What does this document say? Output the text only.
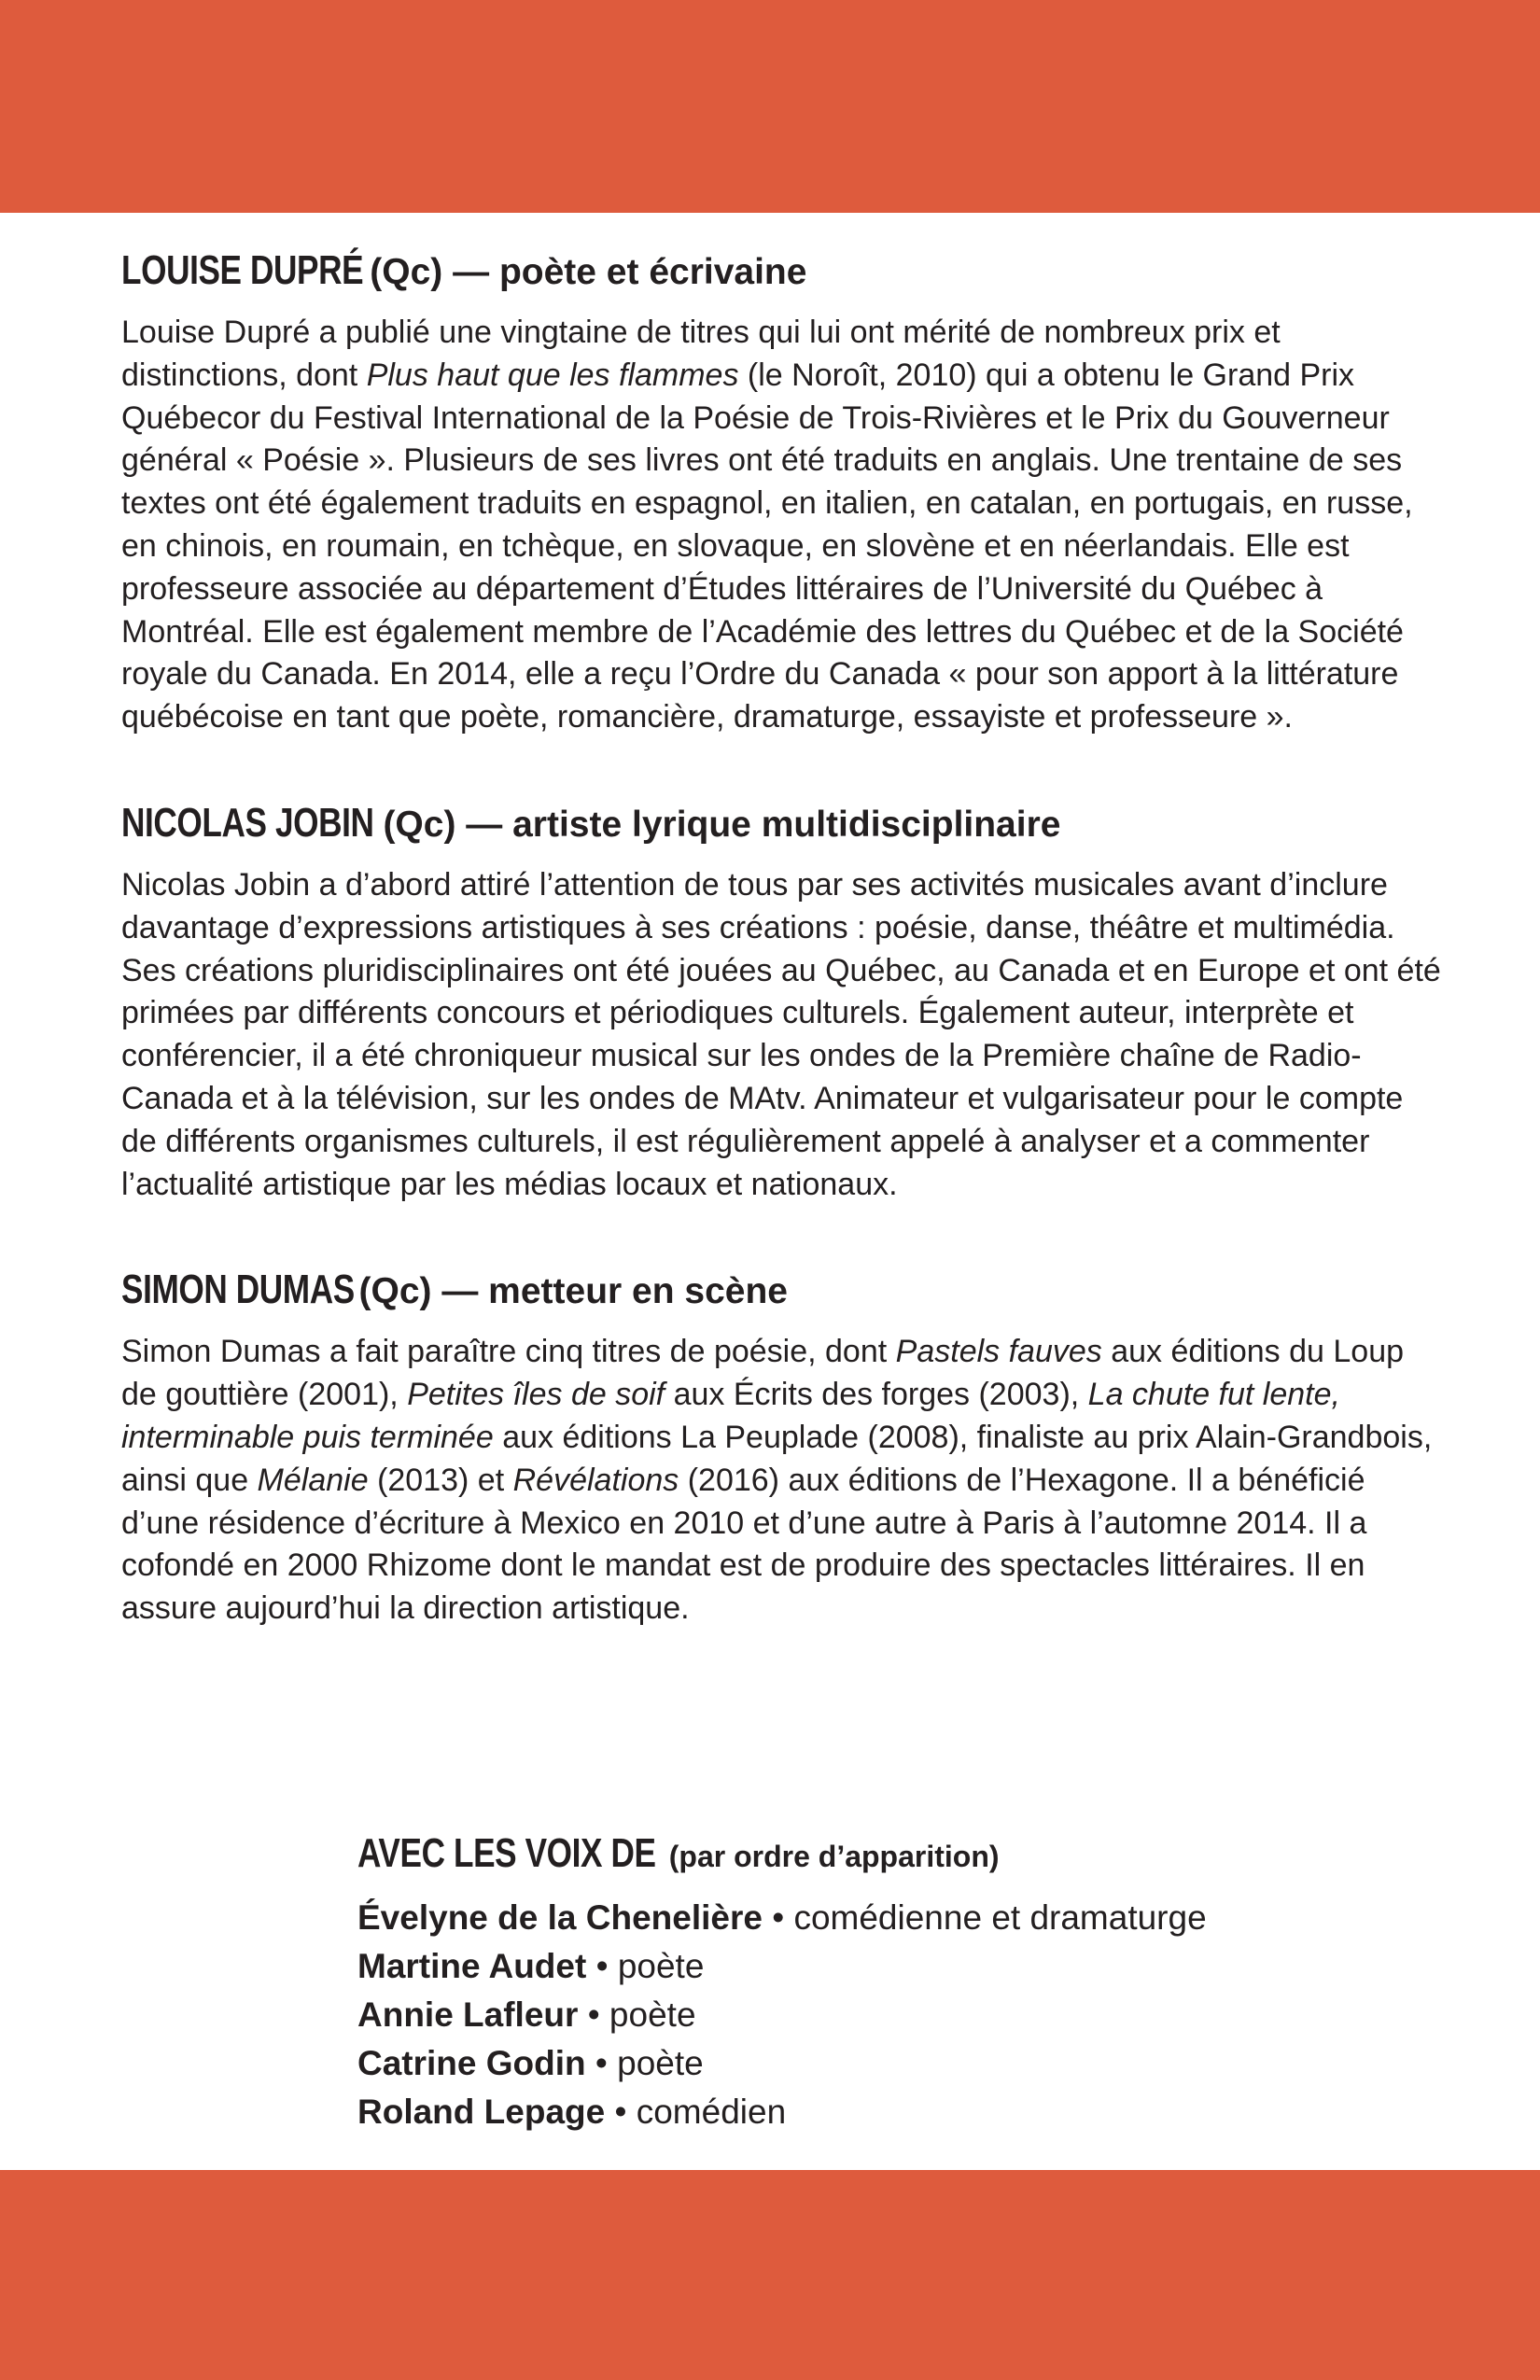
LOUISE DUPRÉ (Qc) — poète et écrivaine

Louise Dupré a publié une vingtaine de titres qui lui ont mérité de nombreux prix et distinctions, dont Plus haut que les flammes (le Noroît, 2010) qui a obtenu le Grand Prix Québecor du Festival International de la Poésie de Trois-Rivières et le Prix du Gouverneur général « Poésie ». Plusieurs de ses livres ont été traduits en anglais. Une trentaine de ses textes ont été également traduits en espagnol, en italien, en catalan, en portugais, en russe, en chinois, en roumain, en tchèque, en slovaque, en slovène et en néerlandais. Elle est professeure associée au département d’Études littéraires de l’Université du Québec à Montréal. Elle est également membre de l’Académie des lettres du Québec et de la Société royale du Canada. En 2014, elle a reçu l’Ordre du Canada « pour son apport à la littérature québécoise en tant que poète, romancière, dramaturge, essayiste et professeure ».

NICOLAS JOBIN (Qc) — artiste lyrique multidisciplinaire

Nicolas Jobin a d’abord attiré l’attention de tous par ses activités musicales avant d’inclure davantage d’expressions artistiques à ses créations : poésie, danse, théâtre et multimédia. Ses créations pluridisciplinaires ont été jouées au Québec, au Canada et en Europe et ont été primées par différents concours et périodiques culturels. Également auteur, interprète et conférencier, il a été chroniqueur musical sur les ondes de la Première chaîne de Radio-Canada et à la télévision, sur les ondes de MAtv. Animateur et vulgarisateur pour le compte de différents organismes culturels, il est régulièrement appelé à analyser et a commenter l’actualité artistique par les médias locaux et nationaux.

SIMON DUMAS (Qc) — metteur en scène

Simon Dumas a fait paraître cinq titres de poésie, dont Pastels fauves aux éditions du Loup de gouttière (2001), Petites îles de soif aux Écrits des forges (2003), La chute fut lente, interminable puis terminée aux éditions La Peuplade (2008), finaliste au prix Alain-Grandbois, ainsi que Mélanie (2013) et Révélations (2016) aux éditions de l’Hexagone. Il a bénéficié d’une résidence d’écriture à Mexico en 2010 et d’une autre à Paris à l’automne 2014. Il a cofondé en 2000 Rhizome dont le mandat est de produire des spectacles littéraires. Il en assure aujourd’hui la direction artistique.

AVEC LES VOIX DE (par ordre d’apparition)
Évelyne de la Chenelière • comédienne et dramaturge
Martine Audet • poète
Annie Lafleur • poète
Catrine Godin • poète
Roland Lepage • comédien
